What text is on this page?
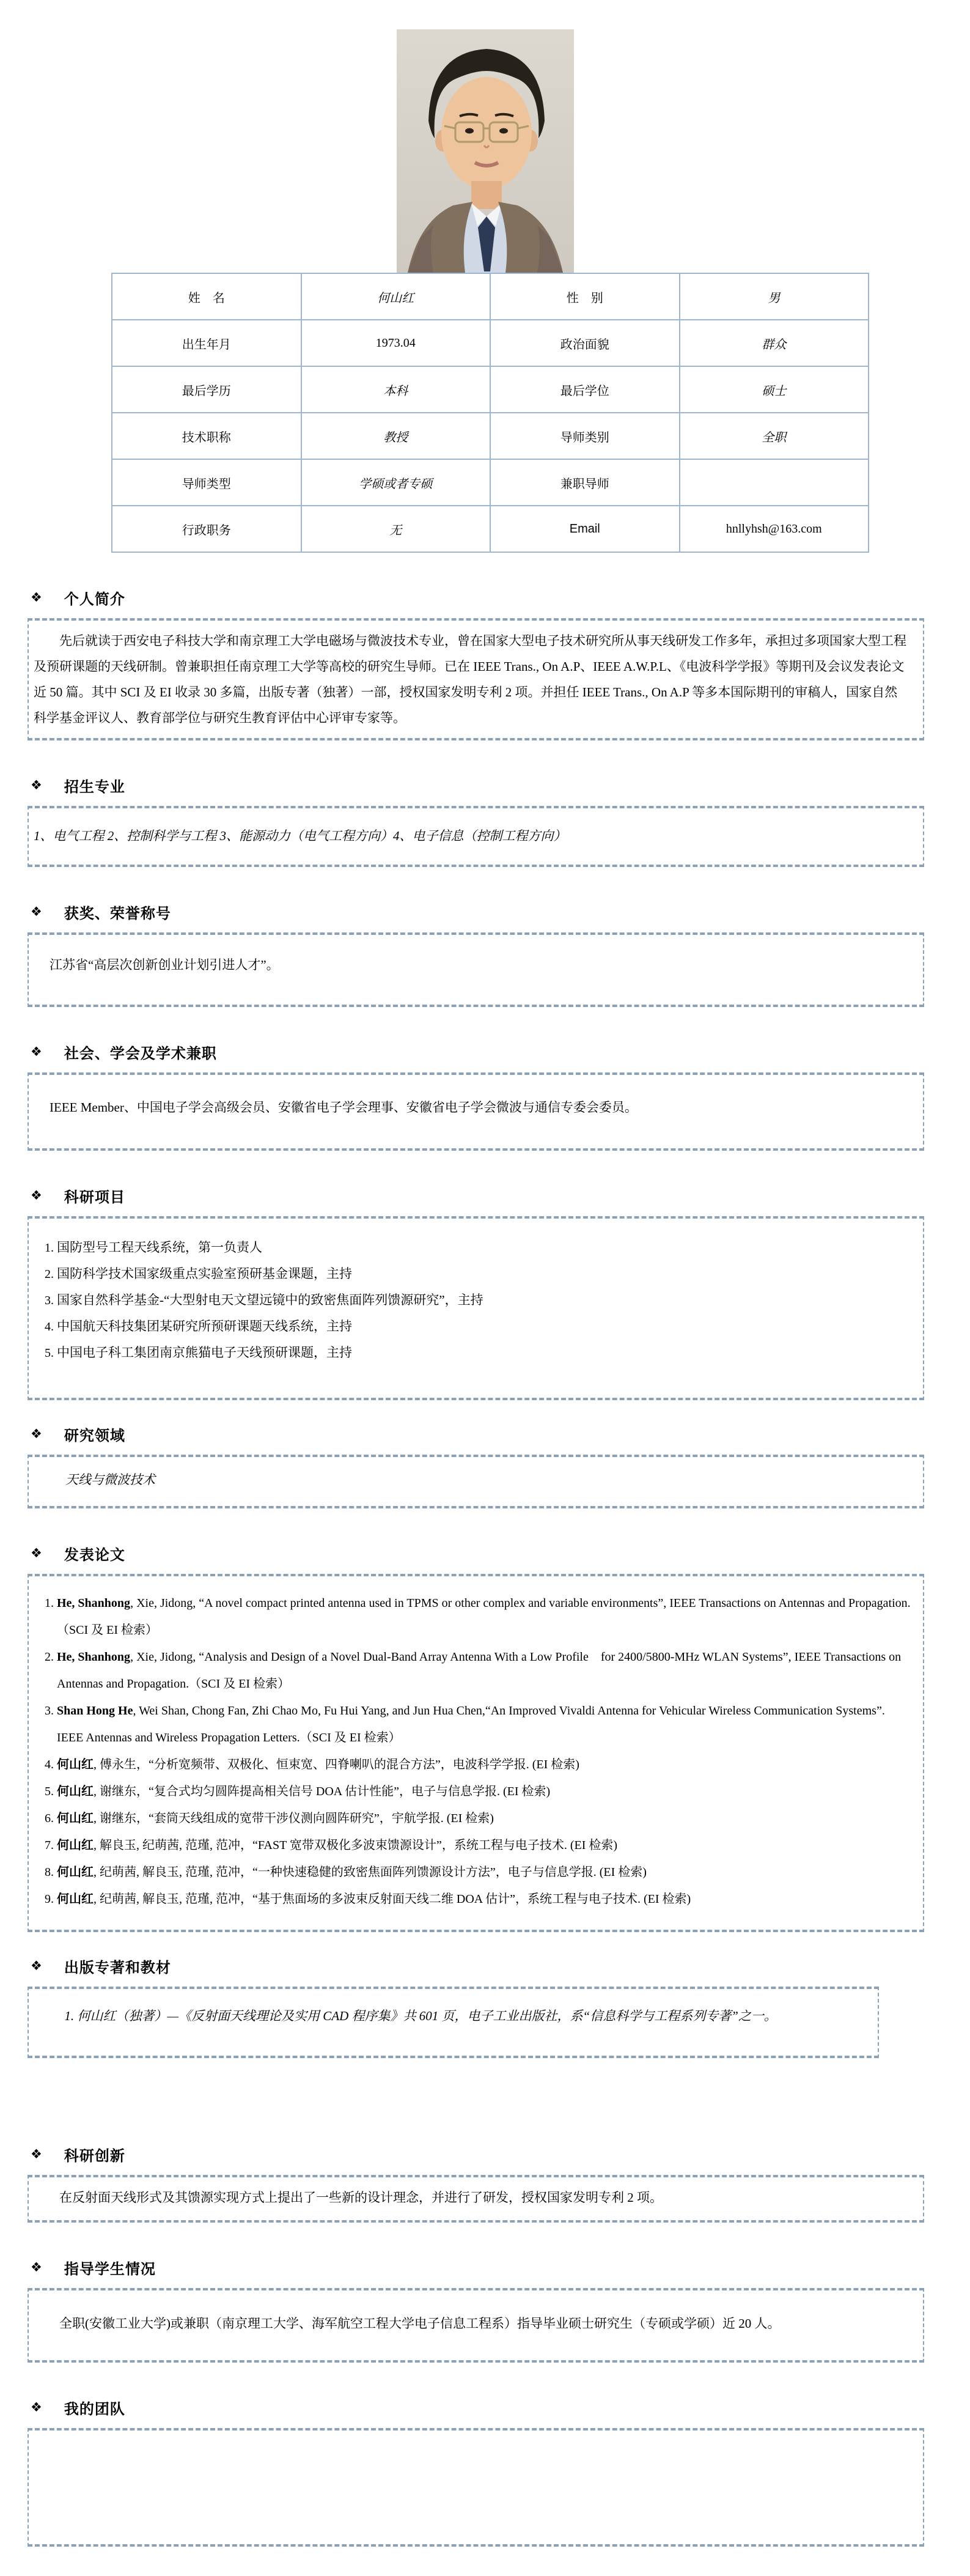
姓　名	何山红	性　别	男
出生年月	1973.04	政治面貌	群众
最后学历	本科	最后学位	硕士
技术职称	教授	导师类别	全职
导师类型	学硕或者专硕	兼职导师	
行政职务	无	Email	hnllyhsh@163.com
❖ 个人简介

先后就读于西安电子科技大学和南京理工大学电磁场与微波技术专业，曾在国家大型电子技术研究所从事天线研发工作多年，承担过多项国家大型工程及预研课题的天线研制。曾兼职担任南京理工大学等高校的研究生导师。已在 IEEE Trans., On A.P、IEEE A.W.P.L、《电波科学学报》等期刊及会议发表论文近 50 篇。其中 SCI 及 EI 收录 30 多篇，出版专著（独著）一部，授权国家发明专利 2 项。并担任 IEEE Trans., On A.P 等多本国际期刊的审稿人，国家自然科学基金评议人、教育部学位与研究生教育评估中心评审专家等。

❖ 招生专业

1、电气工程 2、控制科学与工程 3、能源动力（电气工程方向）4、电子信息（控制工程方向）

❖ 获奖、荣誉称号

江苏省“高层次创新创业计划引进人才”。

❖ 社会、学会及学术兼职

IEEE Member、中国电子学会高级会员、安徽省电子学会理事、安徽省电子学会微波与通信专委会委员。

❖ 科研项目
1. 国防型号工程天线系统，第一负责人
2. 国防科学技术国家级重点实验室预研基金课题，主持
3. 国家自然科学基金-“大型射电天文望远镜中的致密焦面阵列馈源研究”，主持
4. 中国航天科技集团某研究所预研课题天线系统，主持
5. 中国电子科工集团南京熊猫电子天线预研课题，主持
❖ 研究领域

天线与微波技术

❖ 发表论文
1. He, Shanhong, Xie, Jidong, “A novel compact printed antenna used in TPMS or other complex and variable environments”, IEEE Transactions on Antennas and Propagation.（SCI 及 EI 检索）
2. He, Shanhong, Xie, Jidong, “Analysis and Design of a Novel Dual-Band Array Antenna With a Low Profile　for 2400/5800-MHz WLAN Systems”, IEEE Transactions on Antennas and Propagation.（SCI 及 EI 检索）
3. Shan Hong He, Wei Shan, Chong Fan, Zhi Chao Mo, Fu Hui Yang, and Jun Hua Chen,“An Improved Vivaldi Antenna for Vehicular Wireless Communication Systems”. IEEE Antennas and Wireless Propagation Letters.（SCI 及 EI 检索）
4. 何山红, 傅永生，“分析宽频带、双极化、恒束宽、四脊喇叭的混合方法”，电波科学学报. (EI 检索)
5. 何山红, 谢继东，“复合式均匀圆阵提高相关信号 DOA 估计性能”，电子与信息学报. (EI 检索)
6. 何山红, 谢继东，“套筒天线组成的宽带干涉仪测向圆阵研究”，宇航学报. (EI 检索)
7. 何山红, 解良玉, 纪萌茜, 范瑾, 范冲，“FAST 宽带双极化多波束馈源设计”，系统工程与电子技术. (EI 检索)
8. 何山红, 纪萌茜, 解良玉, 范瑾, 范冲，“一种快速稳健的致密焦面阵列馈源设计方法”，电子与信息学报. (EI 检索)
9. 何山红, 纪萌茜, 解良玉, 范瑾, 范冲，“基于焦面场的多波束反射面天线二维 DOA 估计”，系统工程与电子技术. (EI 检索)
❖ 出版专著和教材

1. 何山红（独著）—《反射面天线理论及实用 CAD 程序集》共 601 页，电子工业出版社，系“信息科学与工程系列专著”之一。

❖ 科研创新

在反射面天线形式及其馈源实现方式上提出了一些新的设计理念，并进行了研发，授权国家发明专利 2 项。

❖ 指导学生情况

全职(安徽工业大学)或兼职（南京理工大学、海军航空工程大学电子信息工程系）指导毕业硕士研究生（专硕或学硕）近 20 人。

❖ 我的团队
